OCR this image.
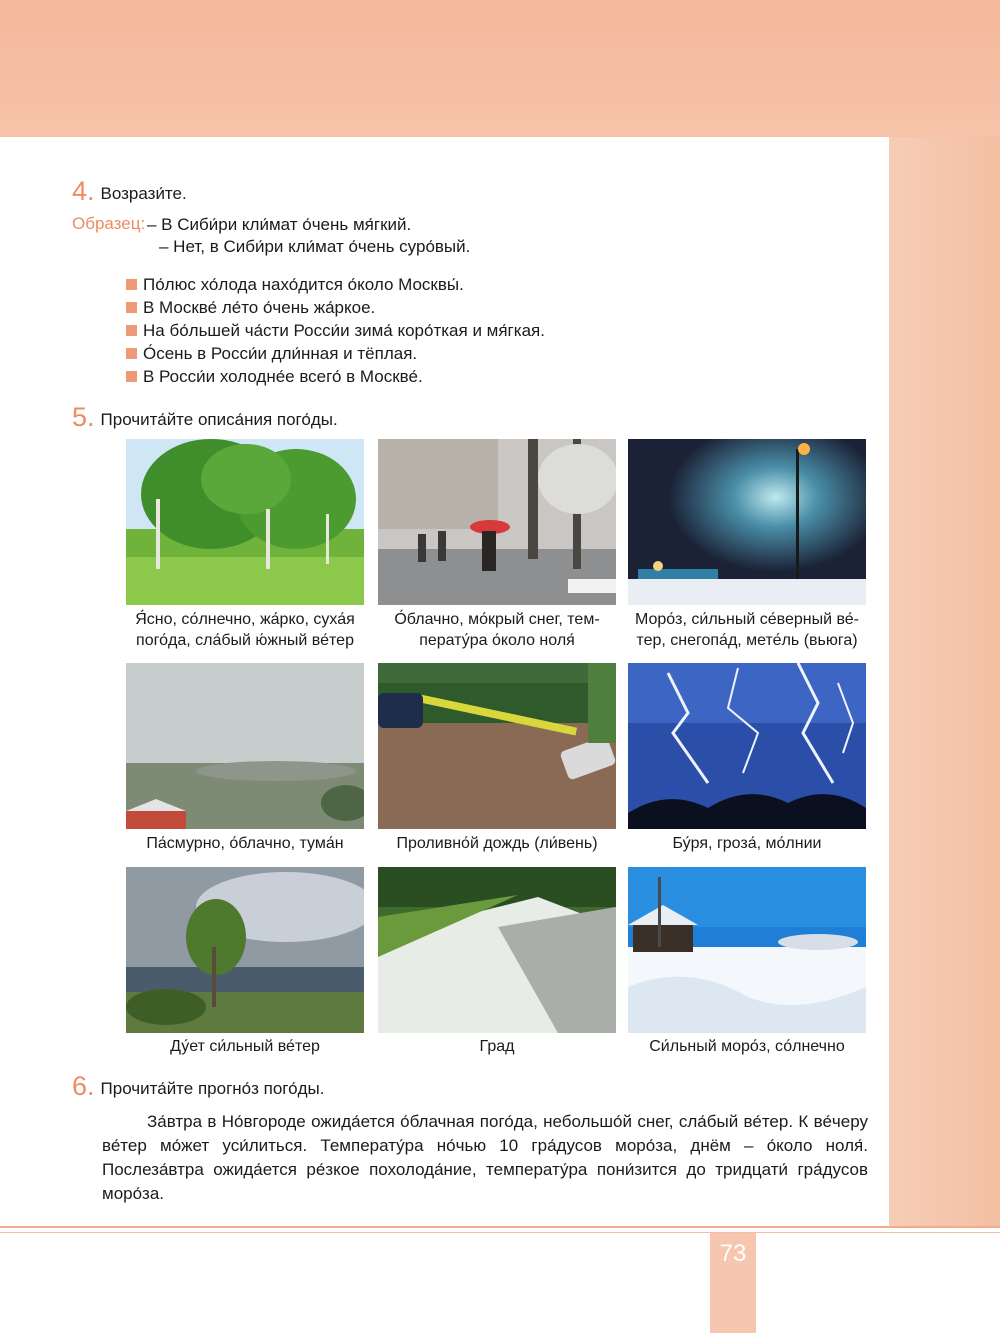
73
4. Возрази́те.
Образец: – В Сиби́ри кли́мат о́чень мя́гкий.
– Нет, в Сиби́ри кли́мат о́чень суро́вый.
По́люс хо́лода нахо́дится о́коло Москвы́.
В Москве́ ле́то о́чень жа́ркое.
На бо́льшей ча́сти Росси́и зима́ коро́ткая и мя́гкая.
О́сень в Росси́и дли́нная и тёплая.
В Росси́и холодне́е всего́ в Москве́.
5. Прочита́йте описа́ния пого́ды.
Я́сно, со́лнечно, жа́рко, суха́я
пого́да, сла́бый ю́жный ве́тер
О́блачно, мо́крый снег, тем-
перату́ра о́коло ноля́
Моро́з, си́льный се́верный ве́-
тер, снегопа́д, мете́ль (вьюга)
Па́смурно, о́блачно, тума́н	Проливно́й дождь (ли́вень)	Бу́ря, гроза́, мо́лнии
Ду́ет си́льный ве́тер	Град	Си́льный моро́з, со́лнечно
6. Прочита́йте прогно́з пого́ды.
За́втра в Но́вгороде ожида́ется о́блачная пого́да, небольшо́й снег, сла́бый ве́тер. К ве́черу ве́тер мо́жет уси́литься. Температу́ра но́чью 10 гра́дусов моро́за, днём – о́коло ноля́. Послеза́втра ожида́ется ре́зкое похолода́ние, температу́ра пони́зится до тридцати́ гра́дусов моро́за.
